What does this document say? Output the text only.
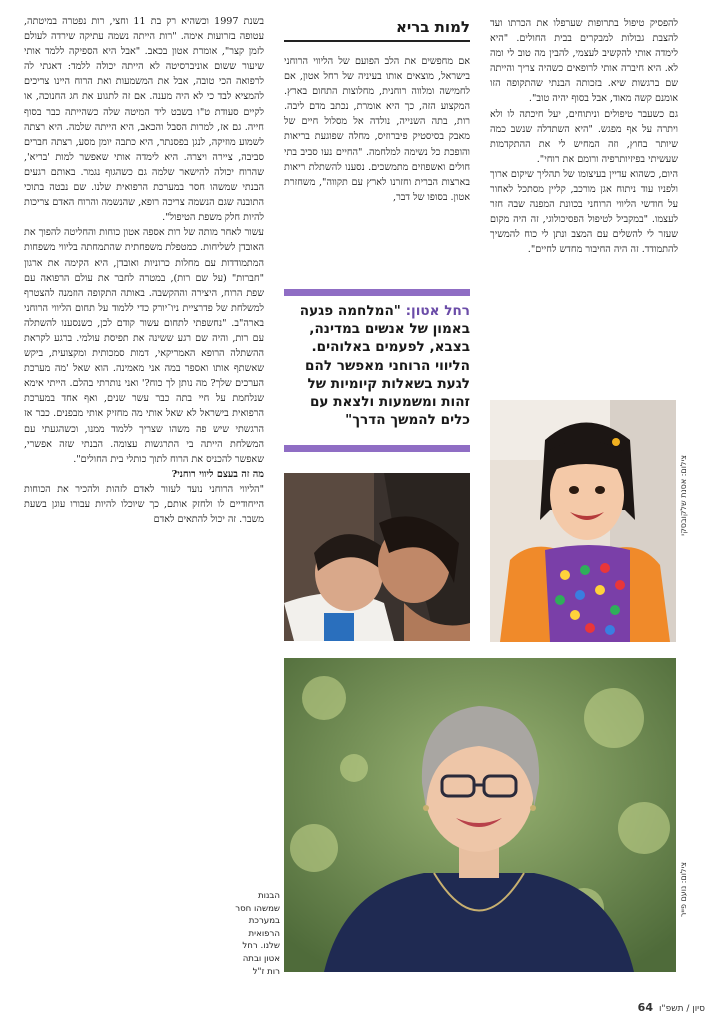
למות בריא להפסיק טיפול בתרופות שערפלו את הכרתו ועד להצבת גבולות למבקרים בבית החולים. "היא לימדה אותי להקשיב לעצמי, להבין מה טוב לי ומה לא. היא חיברה אותי לרופאים כשהיה צריך והייתה שם ברגשות שיא. בזכותה הבנתי שהתקופה הזו אומנם קשה מאוד, אבל בסוף יהיה טוב".

גם כשעבר טיפולים וניתוחים, יעל חיכתה לו ולא ויתרה על אף מפגש. "היא השתדלה שנשב כמה שיותר בחוץ, וזה המחיש לי את ההתקדמות שעשיתי בפיזיותרפיה ורומם את רוחי".

היום, כשהוא עדיין בעיצומו של תהליך שיקום ארוך ולפניו עוד ניתוח אגן מורכב, קליין מסתכל לאחור על חודשי הליווי הרוחני בכוונת המפנה שבה חזר לעצמו. "במקביל לטיפול הפסיכולוגי, זה היה מקום שעזר לי להשלים עם המצב ונתן לי כוח להמשיך להתמודד. זה היה החיבור מחדש לחיים".

אם מחפשים את הלב הפועם של הליווי הרוחני בישראל, מוצאים אותו בעיניה של רחל אטון, אם לחמישה ומלווה רוחנית, מחלוצות התחום בארץ. המקצוע הזה, כך היא אומרת, נכתב מדם ליבה. רות, בתה השנייה, נולדה אל מסלול חיים של מאבק בסיסטיק פיברוזיס, מחלה שפוגעת בריאות והופכת כל נשימה למלחמה. "החיים נעו סביב בתי חולים ואשפוזים מתמשכים. נסענו להשתלת ריאות בארצות הברית וחזרנו לארץ עם תקווה", משחזרת אטון. בסופו של דבר,

רחל אטון: "המלחמה פגעה באמון של אנשים במדינה, בצבא, לפעמים באלוהים. הליווי הרוחני מאפשר להם לגעת בשאלות קיומיות של זהות ומשמעות ולצאת עם כלים להמשך הדרך"

בשנת 1997 וכשהיא רק בת 11 וחצי, רות נפטרה במיטתה, עטופה בזרועות אימה. "רות הייתה נשמה עתיקה שירדה לעולם לזמן קצר", אומרת אטון בכאב. "אבל היא הספיקה ללמד אותי שיעור ששום אוניברסיטה לא הייתה יכולה ללמד: דאגתי לה לרפואה הכי טובה, אבל את המשמעות ואת הרוח היינו צריכים להמציא לבד כי לא היה מענה. אם זה לתגוע את חג החנוכה, או לקיים סעודת ט"ו בשבט ליד המיטה שלה כשהייתה כבר בסוף חייה. גם אז, למרות הסבל והכאב, היא הייתה שלמה. היא רצתה לשמוע מוזיקה, לנגן בפסנתר, היא כתבה יומן מסע, רצתה חברים סביבה, ציירה ויצרה. היא לימדה אותי שאפשר למות 'בריא', שהרוח יכולה להישאר שלמה גם כשהגוף נגמר. באותם רגעים הבנתי שמשהו חסר במערכת הרפואית שלנו. שם נבטה בתוכי התובנה שגם הנשמה צריכה רופא, שהנשמה והרוח האדם צריכות להיות חלק משפת הטיפול".

עשור לאחר מותה של רות אספה אטון כוחות והחליטה להפוך את האובדן לשליחות. כמטפלת משפחתית שהתמחתה בליווי משפחות המתמודדות עם מחלות כרוניות ואובדן, היא הקימה את ארגון "חברות" (על שם רות), במטרה לחבר את עולם הרפואה עם שפת הרוח, היצירה וההקשבה. באותה התקופה הוזמנה להצטרף למשלחת של פדרציית ניו־יורק כדי ללמוד על תחום הליווי הרוחני בארה"ב. "נחשפתי לתחום עשור קודם לכן, כשנסענו להשתלה עם רות, והיה שם רגע ששינה את תפיסת עולמי. ברגע לקראת ההשתלה הרופא האמריקאי, דמות סמכותית ומקצועית, ביקש שאשתף אותו ואספר במה אני מאמינה. הוא שאל 'מה מערכת הערכים שלך? מה נותן לך כוח?' ואני נותרתי בהלם. הייתי אימא שנלחמת על חיי בתה כבר עשר שנים, ואף אחד במערכת הרפואית בישראל לא שאל אותי מה מחזיק אותי מבפנים. כבר אז הרגשתי שיש פה משהו שצריך ללמוד ממנו, וכשהגעתי עם המשלחת הייתה בי התרגשות עצומה. הבנתי שזה אפשרי, שאפשר להכניס את הרוח לתוך כותלי בית החולים".

מה זה בעצם ליווי רוחני?

"הליווי הרוחני נועד לעזור לאדם לזהות ולהכיר את הכוחות הייחודיים לו ולחזק אותם, כך שיוכלו להיות עבורו עוגן בשעת משבר. זה יכול להתאים לאדם	צילום: אסנת שלקובסקי
צילום: נועם פייר
הבנות שמשהו חסר במערכת הרפואית שלנו. רחל אטון ובתה רות ז"ל
64 סיון / תשפ"ו
